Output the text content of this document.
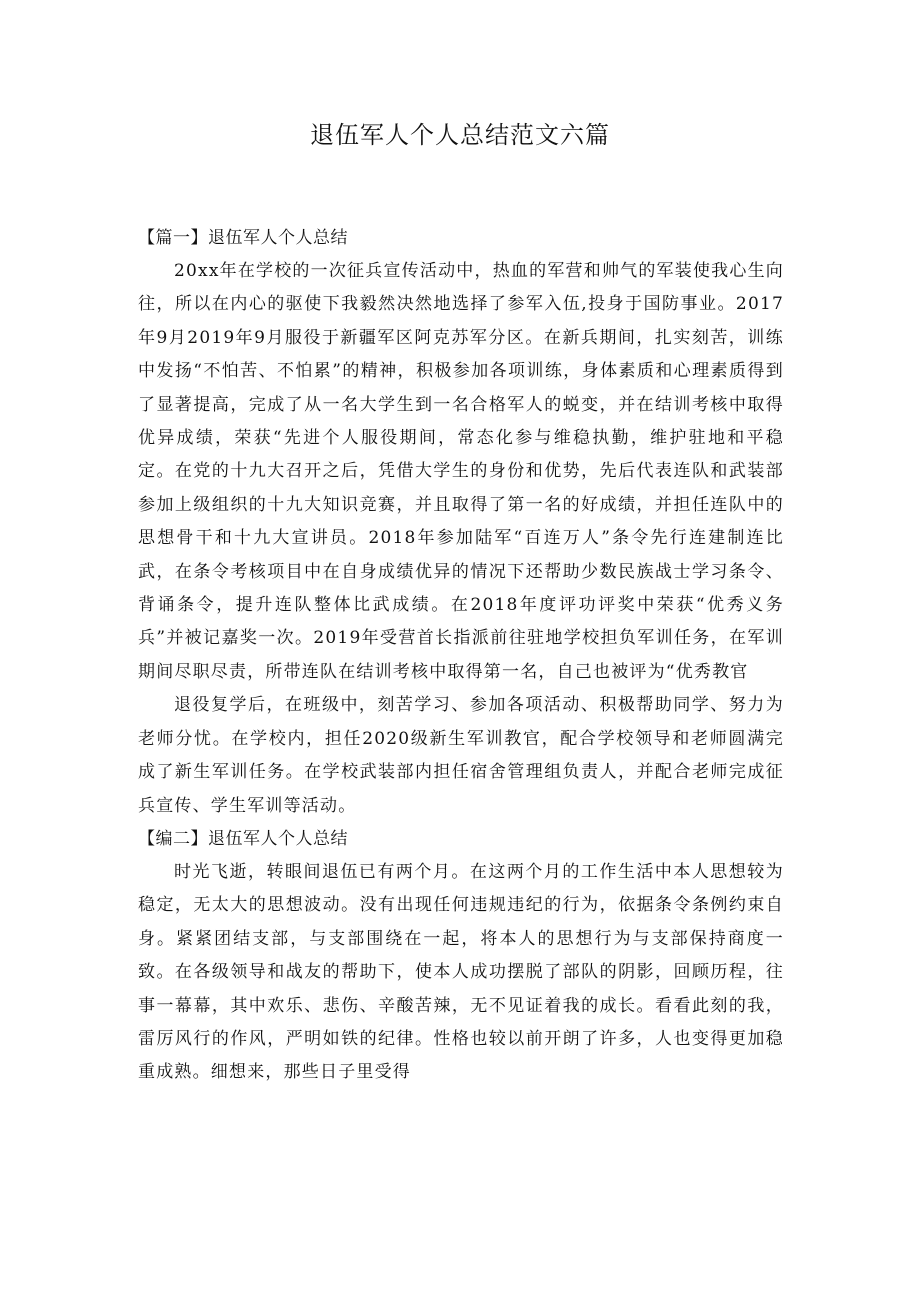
退伍军人个人总结范文六篇
【篇一】退伍军人个人总结

20xx年在学校的一次征兵宣传活动中，热血的军营和帅气的军装使我心生向往，所以在内心的驱使下我毅然决然地选择了参军入伍,投身于国防事业。2017年9月2019年9月服役于新疆军区阿克苏军分区。在新兵期间，扎实刻苦，训练中发扬“不怕苦、不怕累”的精神，积极参加各项训练，身体素质和心理素质得到了显著提高，完成了从一名大学生到一名合格军人的蜕变，并在结训考核中取得优异成绩，荣获“先进个人服役期间，常态化参与维稳执勤，维护驻地和平稳定。在党的十九大召开之后，凭借大学生的身份和优势，先后代表连队和武装部参加上级组织的十九大知识竞赛，并且取得了第一名的好成绩，并担任连队中的思想骨干和十九大宣讲员。2018年参加陆军“百连万人”条令先行连建制连比武，在条令考核项目中在自身成绩优异的情况下还帮助少数民族战士学习条令、背诵条令，提升连队整体比武成绩。在2018年度评功评奖中荣获“优秀义务兵”并被记嘉奖一次。2019年受营首长指派前往驻地学校担负军训任务，在军训期间尽职尽责，所带连队在结训考核中取得第一名，自己也被评为“优秀教官

退役复学后，在班级中，刻苦学习、参加各项活动、积极帮助同学、努力为老师分忧。在学校内，担任2020级新生军训教官，配合学校领导和老师圆满完成了新生军训任务。在学校武装部内担任宿舍管理组负责人，并配合老师完成征兵宣传、学生军训等活动。

【编二】退伍军人个人总结

时光飞逝，转眼间退伍已有两个月。在这两个月的工作生活中本人思想较为稳定，无太大的思想波动。没有出现任何违规违纪的行为，依据条令条例约束自身。紧紧团结支部，与支部围绕在一起，将本人的思想行为与支部保持商度一致。在各级领导和战友的帮助下，使本人成功摆脱了部队的阴影，回顾历程，往事一幕幕，其中欢乐、悲伤、辛酸苦辣，无不见证着我的成长。看看此刻的我，雷厉风行的作风，严明如铁的纪律。性格也较以前开朗了许多，人也变得更加稳重成熟。细想来，那些日子里受得
